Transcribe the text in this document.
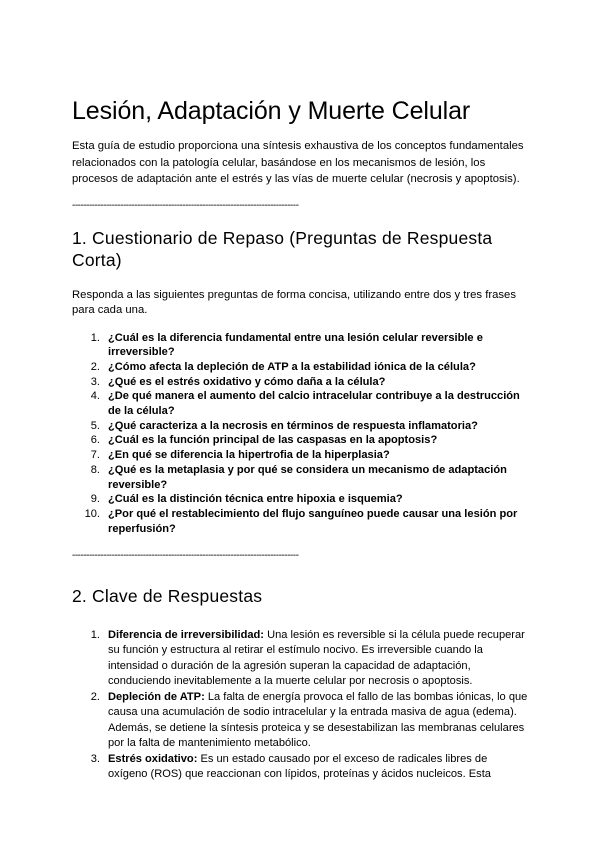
Lesión, Adaptación y Muerte Celular

Esta guía de estudio proporciona una síntesis exhaustiva de los conceptos fundamentales relacionados con la patología celular, basándose en los mecanismos de lesión, los procesos de adaptación ante el estrés y las vías de muerte celular (necrosis y apoptosis).

--------------------------------------------------------------------------------
1. Cuestionario de Repaso (Preguntas de Respuesta Corta)

Responda a las siguientes preguntas de forma concisa, utilizando entre dos y tres frases para cada una.

1. ¿Cuál es la diferencia fundamental entre una lesión celular reversible e irreversible?
2. ¿Cómo afecta la depleción de ATP a la estabilidad iónica de la célula?
3. ¿Qué es el estrés oxidativo y cómo daña a la célula?
4. ¿De qué manera el aumento del calcio intracelular contribuye a la destrucción de la célula?
5. ¿Qué caracteriza a la necrosis en términos de respuesta inflamatoria?
6. ¿Cuál es la función principal de las caspasas en la apoptosis?
7. ¿En qué se diferencia la hipertrofia de la hiperplasia?
8. ¿Qué es la metaplasia y por qué se considera un mecanismo de adaptación reversible?
9. ¿Cuál es la distinción técnica entre hipoxia e isquemia?
10. ¿Por qué el restablecimiento del flujo sanguíneo puede causar una lesión por reperfusión?
--------------------------------------------------------------------------------
2. Clave de Respuestas
1. Diferencia de irreversibilidad: Una lesión es reversible si la célula puede recuperar su función y estructura al retirar el estímulo nocivo. Es irreversible cuando la intensidad o duración de la agresión superan la capacidad de adaptación, conduciendo inevitablemente a la muerte celular por necrosis o apoptosis.
2. Depleción de ATP: La falta de energía provoca el fallo de las bombas iónicas, lo que causa una acumulación de sodio intracelular y la entrada masiva de agua (edema). Además, se detiene la síntesis proteica y se desestabilizan las membranas celulares por la falta de mantenimiento metabólico.
3. Estrés oxidativo: Es un estado causado por el exceso de radicales libres de oxígeno (ROS) que reaccionan con lípidos, proteínas y ácidos nucleicos. Esta
